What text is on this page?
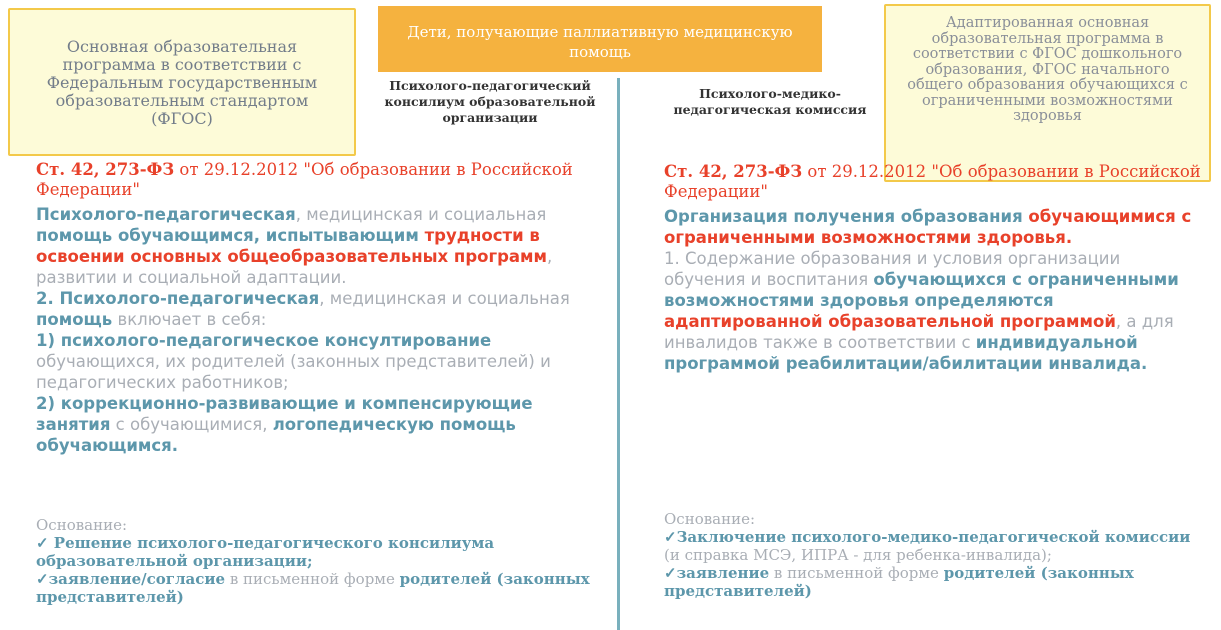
Основная образовательная программа в соответствии с Федеральным государственным образовательным стандартом (ФГОС)
Дети, получающие паллиативную медицинскую помощь
Адаптированная основная образовательная программа в соответствии с ФГОС дошкольного образования, ФГОС начального общего образования обучающихся с ограниченными возможностями здоровья
Психолого-педагогический консилиум образовательной организации
Психолого-медико-педагогическая комиссия

Ст. 42, 273-ФЗ от 29.12.2012 "Об образовании в Российской Федерации"

Психолого-педагогическая, медицинская и социальная помощь обучающимся, испытывающим трудности в освоении основных общеобразовательных программ, развитии и социальной адаптации.

2. Психолого-педагогическая, медицинская и социальная помощь включает в себя:

1) психолого-педагогическое консултирование обучающихся, их родителей (законных представителей) и педагогических работников;

2) коррекционно-развивающие и компенсирующие занятия с обучающимися, логопедическую помощь обучающимся.

Основание:

✓ Решение психолого-педагогического консилиума образовательной организации;

✓заявление/согласие в письменной форме родителей (законных представителей)

Ст. 42, 273-ФЗ от 29.12.2012 "Об образовании в Российской Федерации"

Организация получения образования обучающимися с ограниченными возможностями здоровья.

1. Содержание образования и условия организации обучения и воспитания обучающихся с ограниченными возможностями здоровья определяются адаптированной образовательной программой, а для инвалидов также в соответствии с индивидуальной программой реабилитации/абилитации инвалида.

Основание:

✓Заключение психолого-медико-педагогической комиссии

(и справка МСЭ, ИПРА - для ребенка-инвалида);

✓заявление в письменной форме родителей (законных представителей)
